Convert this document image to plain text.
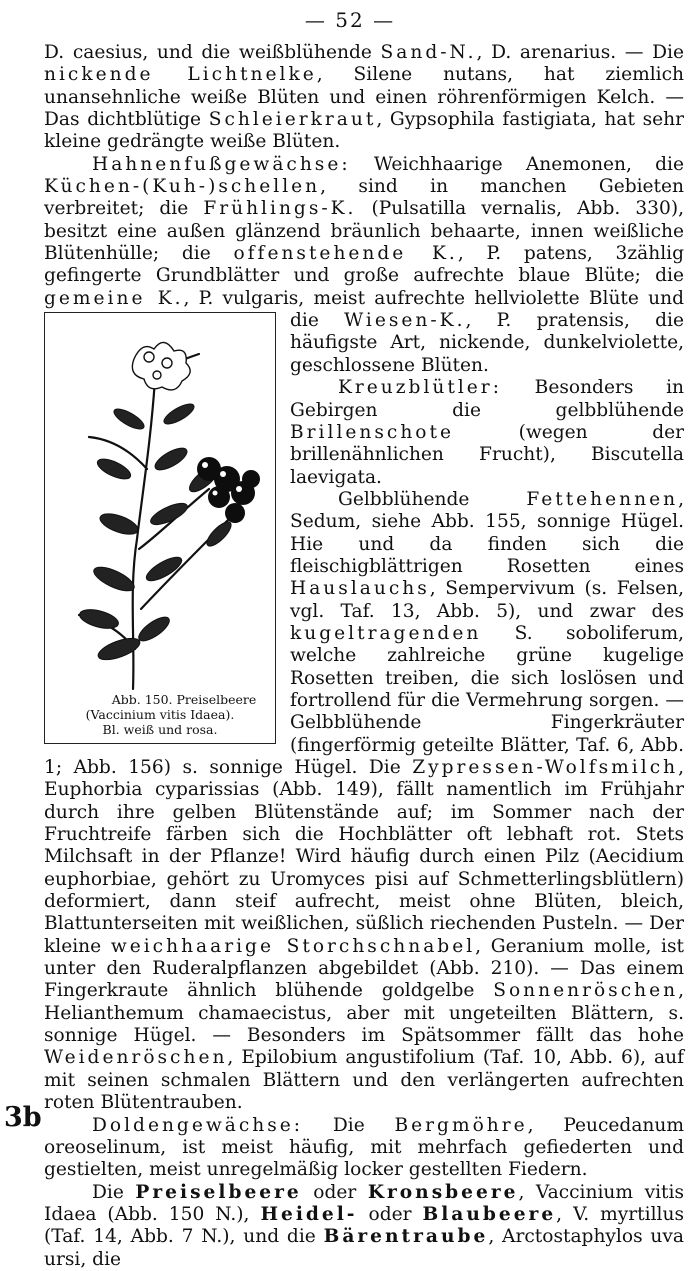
— 52 —

D. caesius, und die weißblühende Sand-N., D. arenarius. — Die nickende Lichtnelke, Silene nutans, hat ziemlich unansehnliche weiße Blüten und einen röhrenförmigen Kelch. — Das dichtblütige Schleierkraut, Gypsophila fastigiata, hat sehr kleine gedrängte weiße Blüten.

Hahnenfußgewächse: Weichhaarige Anemonen, die Küchen-(Kuh-)schellen, sind in manchen Gebieten verbreitet; die Frühlings-K. (Pulsatilla vernalis, Abb. 330), besitzt eine außen glänzend bräunlich behaarte, innen weißliche Blütenhülle; die offenstehende K., P. patens, 3zählig gefingerte Grundblätter und große aufrechte blaue Blüte; die gemeine K., P. vulgaris, meist aufrechte hellviolette Blüte und die
Abb. 150. Preiselbeere
(Vaccinium vitis Idaea).
Bl. weiß und rosa.
Wiesen-K., P. pratensis, die häufigste Art, nickende, dunkelviolette, geschlossene Blüten.

Kreuzblütler: Besonders in Gebirgen die gelbblühende Brillenschote (wegen der brillenähnlichen Frucht), Biscutella laevigata.

Gelbblühende Fettehennen, Sedum, siehe Abb. 155, sonnige Hügel. Hie und da finden sich die fleischigblättrigen Rosetten eines Hauslauchs, Sempervivum (s. Felsen, vgl. Taf. 13, Abb. 5), und zwar des kugeltragenden S. soboliferum, welche zahlreiche grüne kugelige Rosetten treiben, die sich loslösen und fortrollend für die Vermehrung sorgen. — Gelbblühende Fingerkräuter (fingerförmig geteilte Blätter, Taf. 6, Abb. 1; Abb. 156) s. sonnige Hügel. Die Zypressen-Wolfsmilch, Euphorbia cyparissias (Abb. 149), fällt namentlich im Frühjahr durch ihre gelben Blütenstände auf; im Sommer nach der Fruchtreife färben sich die Hochblätter oft lebhaft rot. Stets Milchsaft in der Pflanze! Wird häufig durch einen Pilz (Aecidium euphorbiae, gehört zu Uromyces pisi auf Schmetterlingsblütlern) deformiert, dann steif aufrecht, meist ohne Blüten, bleich, Blattunterseiten mit weißlichen, süßlich riechenden Pusteln. — Der kleine weichhaarige Storchschnabel, Geranium molle, ist unter den Ruderalpflanzen abgebildet (Abb. 210). — Das einem Fingerkraute ähnlich blühende goldgelbe Sonnenröschen, Helianthemum chamaecistus, aber mit ungeteilten Blättern, s. sonnige Hügel. — Besonders im Spätsommer fällt das hohe Weidenröschen, Epilobium angustifolium (Taf. 10, Abb. 6), auf mit seinen schmalen Blättern und den verlängerten aufrechten roten Blütentrauben.

Doldengewächse: Die Bergmöhre, Peucedanum oreoselinum, ist meist häufig, mit mehrfach gefiederten und gestielten, meist unregelmäßig locker gestellten Fiedern.

Die Preiselbeere oder Kronsbeere, Vaccinium vitis Idaea (Abb. 150 N.), Heidel- oder Blaubeere, V. myrtillus (Taf. 14, Abb. 7 N.), und die Bärentraube, Arctostaphylos uva ursi, die

3b
